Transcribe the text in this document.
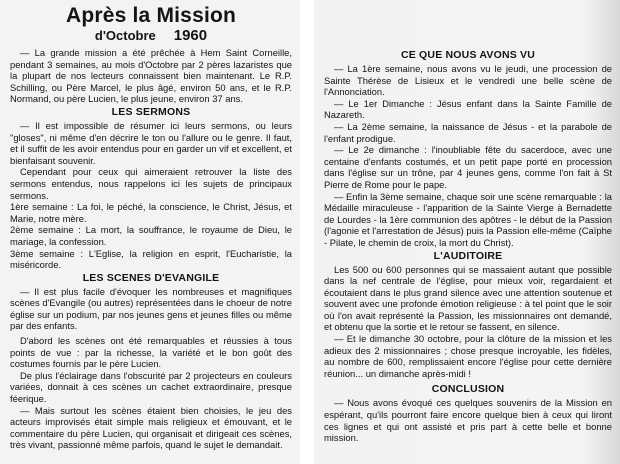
Après la Mission
d'Octobre 1960

— La grande mission a été prêchée à Hem Saint Corneille, pendant 3 semaines, au mois d'Octobre par 2 pères lazaristes que la plupart de nos lecteurs connaissent bien maintenant. Le R.P. Schilling, ou Père Marcel, le plus âgé, environ 50 ans, et le R.P. Normand, ou père Lucien, le plus jeune, environ 37 ans.

LES SERMONS

— Il est impossible de résumer ici leurs sermons, ou leurs "gloses", ni même d'en décrire le ton ou l'allure ou le genre. Il faut, et il suffit de les avoir entendus pour en garder un vif et excellent, et bienfaisant souvenir.

Cependant pour ceux qui aimeraient retrouver la liste des sermons entendus, nous rappelons ici les sujets de principaux sermons.

1ère semaine : La foi, le péché, la conscience, le Christ, Jésus, et Marie, notre mère.

2ème semaine : La mort, la souffrance, le royaume de Dieu, le mariage, la confession.

3ème semaine : L'Eglise, la religion en esprit, l'Eucharistie, la miséricorde.

LES SCENES D'EVANGILE

— Il est plus facile d'évoquer les nombreuses et magnifiques scènes d'Evangile (ou autres) représentées dans le choeur de notre église sur un podium, par nos jeunes gens et jeunes filles ou même par des enfants.

D'abord les scènes ont été remarquables et réussies à tous points de vue : par la richesse, la variété et le bon goût des costumes fournis par le père Lucien.

De plus l'éclairage dans l'obscurité par 2 projecteurs en couleurs variées, donnait à ces scènes un cachet extraordinaire, presque féerique.

— Mais surtout les scènes étaient bien choisies, le jeu des acteurs improvisés était simple mais religieux et émouvant, et le commentaire du père Lucien, qui organisait et dirigeait ces scènes, très vivant, passionné même parfois, quand le sujet le demandait.

CE QUE NOUS AVONS VU

— La 1ère semaine, nous avons vu le jeudi, une procession de Sainte Thérèse de Lisieux et le vendredi une belle scène de l'Annonciation.

— Le 1er Dimanche : Jésus enfant dans la Sainte Famille de Nazareth.

— La 2ème semaine, la naissance de Jésus - et la parabole de l'enfant prodigue.

— Le 2e dimanche : l'inoubliable fête du sacerdoce, avec une centaine d'enfants costumés, et un petit pape porté en procession dans l'église sur un trône, par 4 jeunes gens, comme l'on fait à St Pierre de Rome pour le pape.

— Enfin la 3ème semaine, chaque soir une scène remarquable : la Médaille miraculeuse - l'apparition de la Sainte Vierge à Bernadette de Lourdes - la 1ère communion des apôtres - le début de la Passion (l'agonie et l'arrestation de Jésus) puis la Passion elle-même (Caïphe - Pilate, le chemin de croix, la mort du Christ).

L'AUDITOIRE

Les 500 ou 600 personnes qui se massaient autant que possible dans la nef centrale de l'église, pour mieux voir, regardaient et écoutaient dans le plus grand silence avec une attention soutenue et souvent avec une profonde émotion religieuse : à tel point que le soir où l'on avait représenté la Passion, les missionnaires ont demandé, et obtenu que la sortie et le retour se fassent, en silence.

— Et le dimanche 30 octobre, pour la clôture de la mission et les adieux des 2 missionnaires ; chose presque incroyable, les fidèles, au nombre de 600, remplissaient encore l'église pour cette dernière réunion... un dimanche après-midi !

CONCLUSION

— Nous avons évoqué ces quelques souvenirs de la Mission en espérant, qu'ils pourront faire encore quelque bien à ceux qui liront ces lignes et qui ont assisté et pris part à cette belle et bonne mission.
